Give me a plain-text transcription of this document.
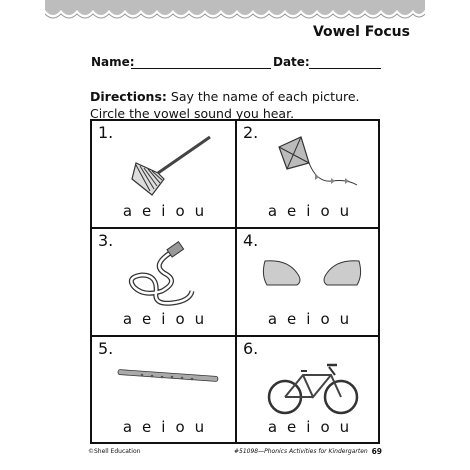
Vowel Focus
Name:	Date:
Directions: Say the name of each picture. Circle the vowel sound you hear.
1.
a e i o u
2.
a e i o u
3.
a e i o u
4.
a e i o u
5.
a e i o u
6.
a e i o u
©Shell Education	#51098—Phonics Activities for Kindergarten 69
